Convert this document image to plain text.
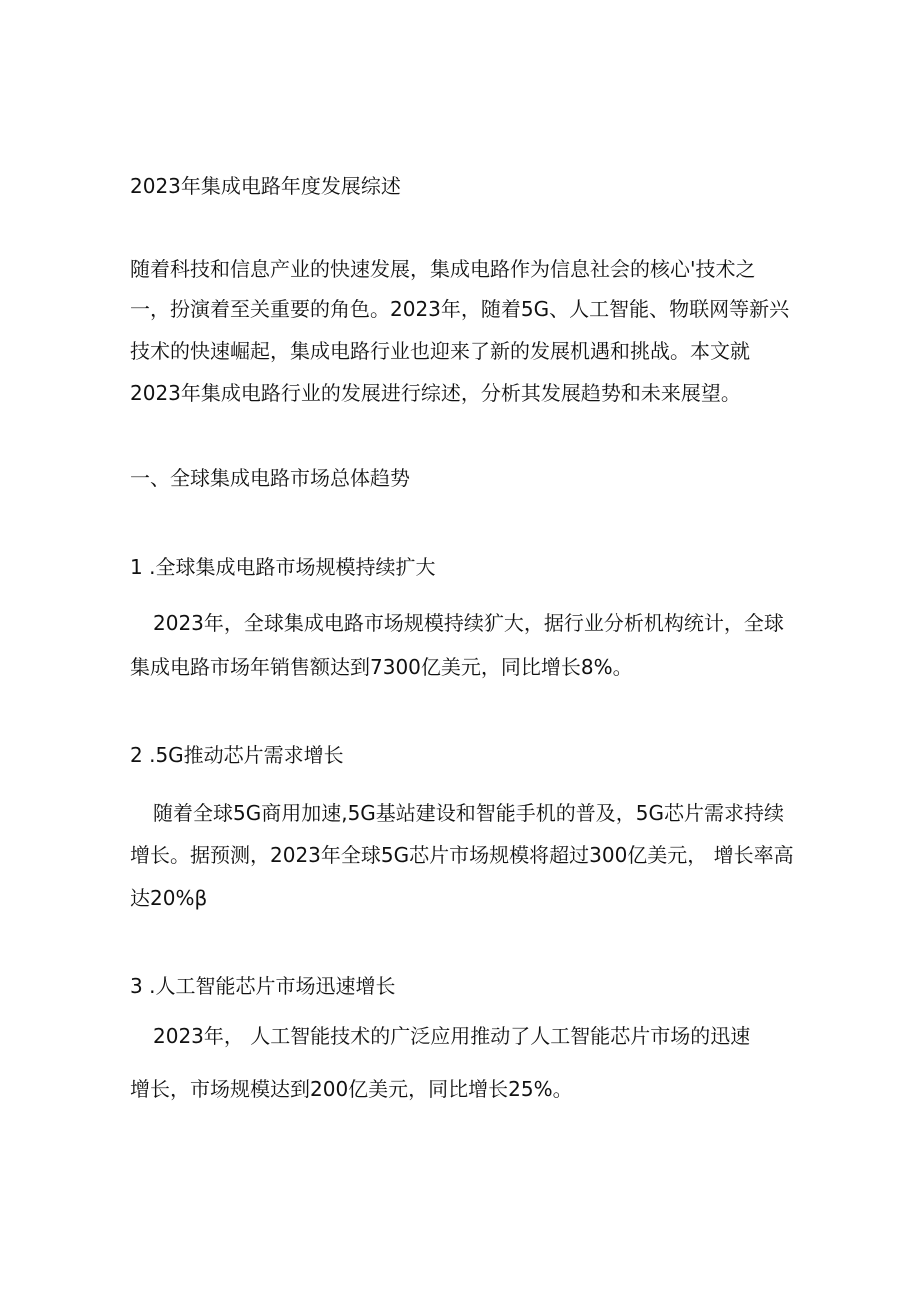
2023年集成电路年度发展综述

随着科技和信息产业的快速发展，集成电路作为信息社会的核心'技术之

一，扮演着至关重要的角色。2023年，随着5G、人工智能、物联网等新兴

技术的快速崛起，集成电路行业也迎来了新的发展机遇和挑战。本文就

2023年集成电路行业的发展进行综述，分析其发展趋势和未来展望。

一、全球集成电路市场总体趋势

1 .全球集成电路市场规模持续扩大

2023年，全球集成电路市场规模持续犷大，据行业分析机构统计，全球

集成电路市场年销售额达到7300亿美元，同比增长8%。

2 .5G推动芯片需求增长

随着全球5G商用加速,5G基站建设和智能手机的普及，5G芯片需求持续

增长。据预测，2023年全球5G芯片市场规模将超过300亿美元， 增长率高

达20%β

3 .人工智能芯片市场迅速增长

2023年， 人工智能技术的广泛应用推动了人工智能芯片市场的迅速

增长，市场规模达到200亿美元，同比增长25%。
